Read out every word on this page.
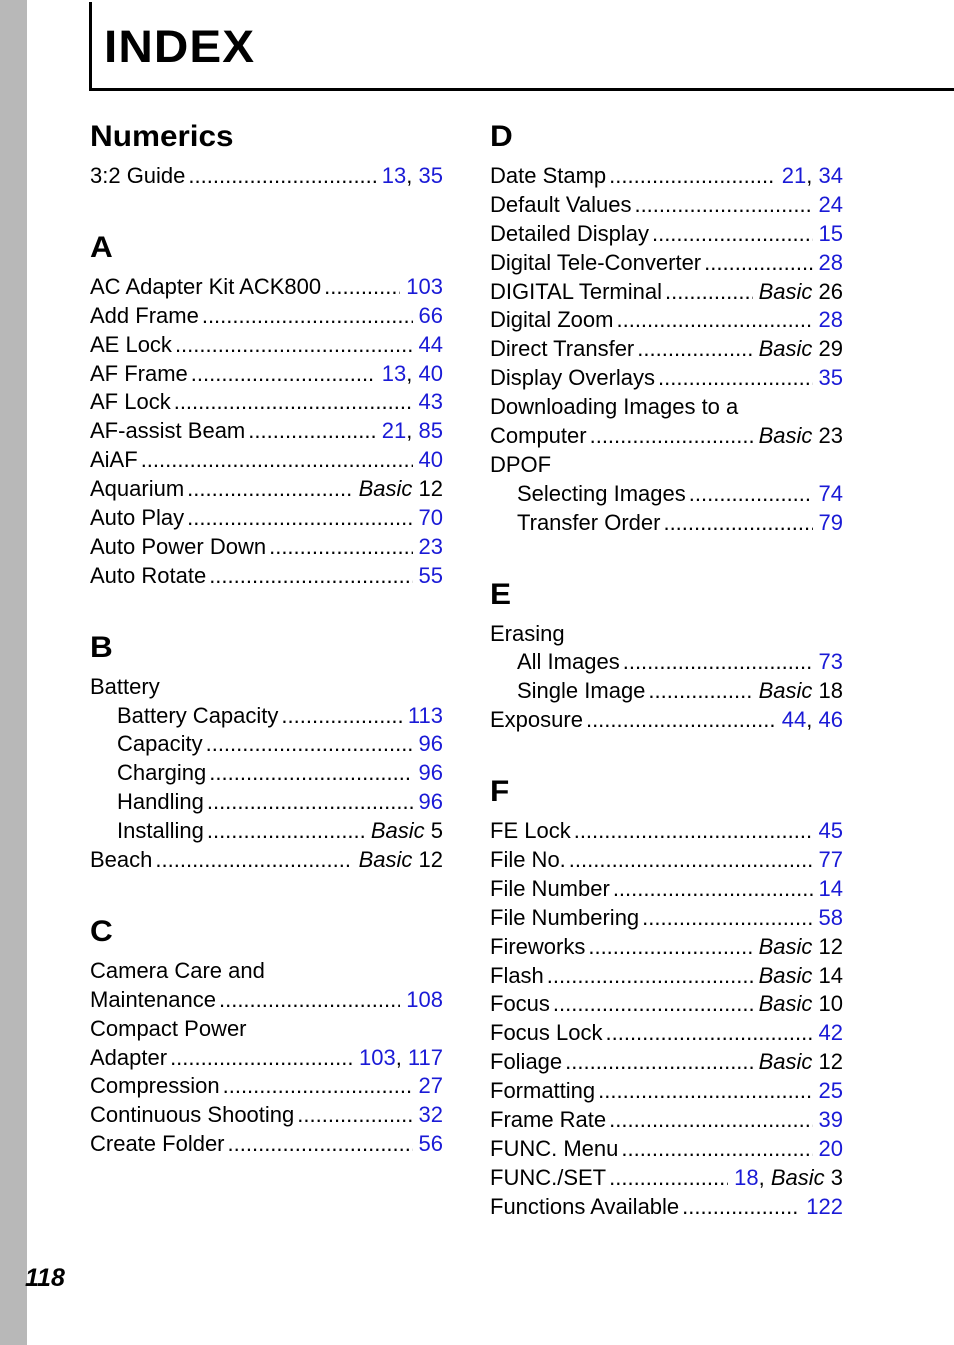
INDEX
Numerics
3:2 Guide .....	13, 35
A
AC Adapter Kit ACK800 .....	103
Add Frame .....	66
AE Lock .....	44
AF Frame .....	13, 40
AF Lock .....	43
AF-assist Beam .....	21, 85
AiAF .....	40
Aquarium .....	Basic 12
Auto Play .....	70
Auto Power Down .....	23
Auto Rotate .....	55
B
Battery
Battery Capacity .....	113
Capacity .....	96
Charging .....	96
Handling .....	96
Installing .....	Basic 5
Beach .....	Basic 12
C
Camera Care and
Maintenance .....	108
Compact Power
Adapter .....	103, 117
Compression .....	27
Continuous Shooting .....	32
Create Folder .....	56
D
Date Stamp .....	21, 34
Default Values .....	24
Detailed Display .....	15
Digital Tele-Converter .....	28
DIGITAL Terminal .....	Basic 26
Digital Zoom .....	28
Direct Transfer .....	Basic 29
Display Overlays .....	35
Downloading Images to a
Computer .....	Basic 23
DPOF
Selecting Images .....	74
Transfer Order .....	79
E
Erasing
All Images .....	73
Single Image .....	Basic 18
Exposure .....	44, 46
F
FE Lock .....	45
File No. .....	77
File Number .....	14
File Numbering .....	58
Fireworks .....	Basic 12
Flash .....	Basic 14
Focus .....	Basic 10
Focus Lock .....	42
Foliage .....	Basic 12
Formatting .....	25
Frame Rate .....	39
FUNC. Menu .....	20
FUNC./SET .....	18, Basic 3
Functions Available .....	122
118
